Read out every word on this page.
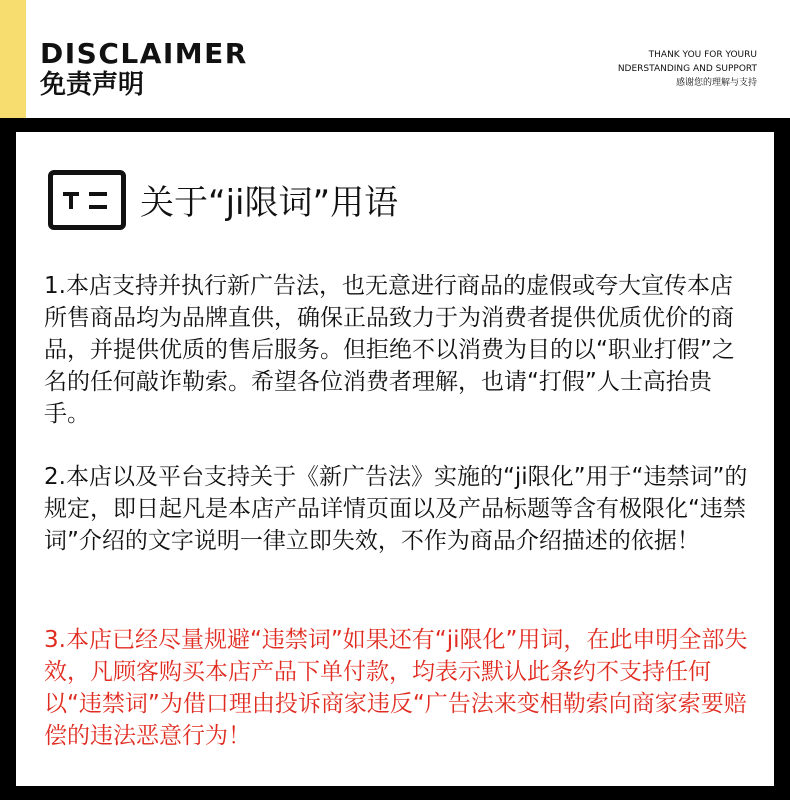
DISCLAIMER
免责声明
THANK YOU FOR YOURU
NDERSTANDING AND SUPPORT
感谢您的理解与支持
关于“ji限词”用语
1.本店支持并执行新广告法，也无意进行商品的虚假或夸大宣传本店所售商品均为品牌直供，确保正品致力于为消费者提供优质优价的商品，并提供优质的售后服务。但拒绝不以消费为目的以“职业打假”之名的任何敲诈勒索。希望各位消费者理解，也请“打假”人士高抬贵手。
2.本店以及平台支持关于《新广告法》实施的“ji限化”用于“违禁词”的规定，即日起凡是本店产品详情页面以及产品标题等含有极限化“违禁词”介绍的文字说明一律立即失效，不作为商品介绍描述的依据！
3.本店已经尽量规避“违禁词”如果还有“ji限化”用词，在此申明全部失效，凡顾客购买本店产品下单付款，均表示默认此条约不支持任何以“违禁词”为借口理由投诉商家违反“广告法来变相勒索向商家索要赔偿的违法恶意行为！
